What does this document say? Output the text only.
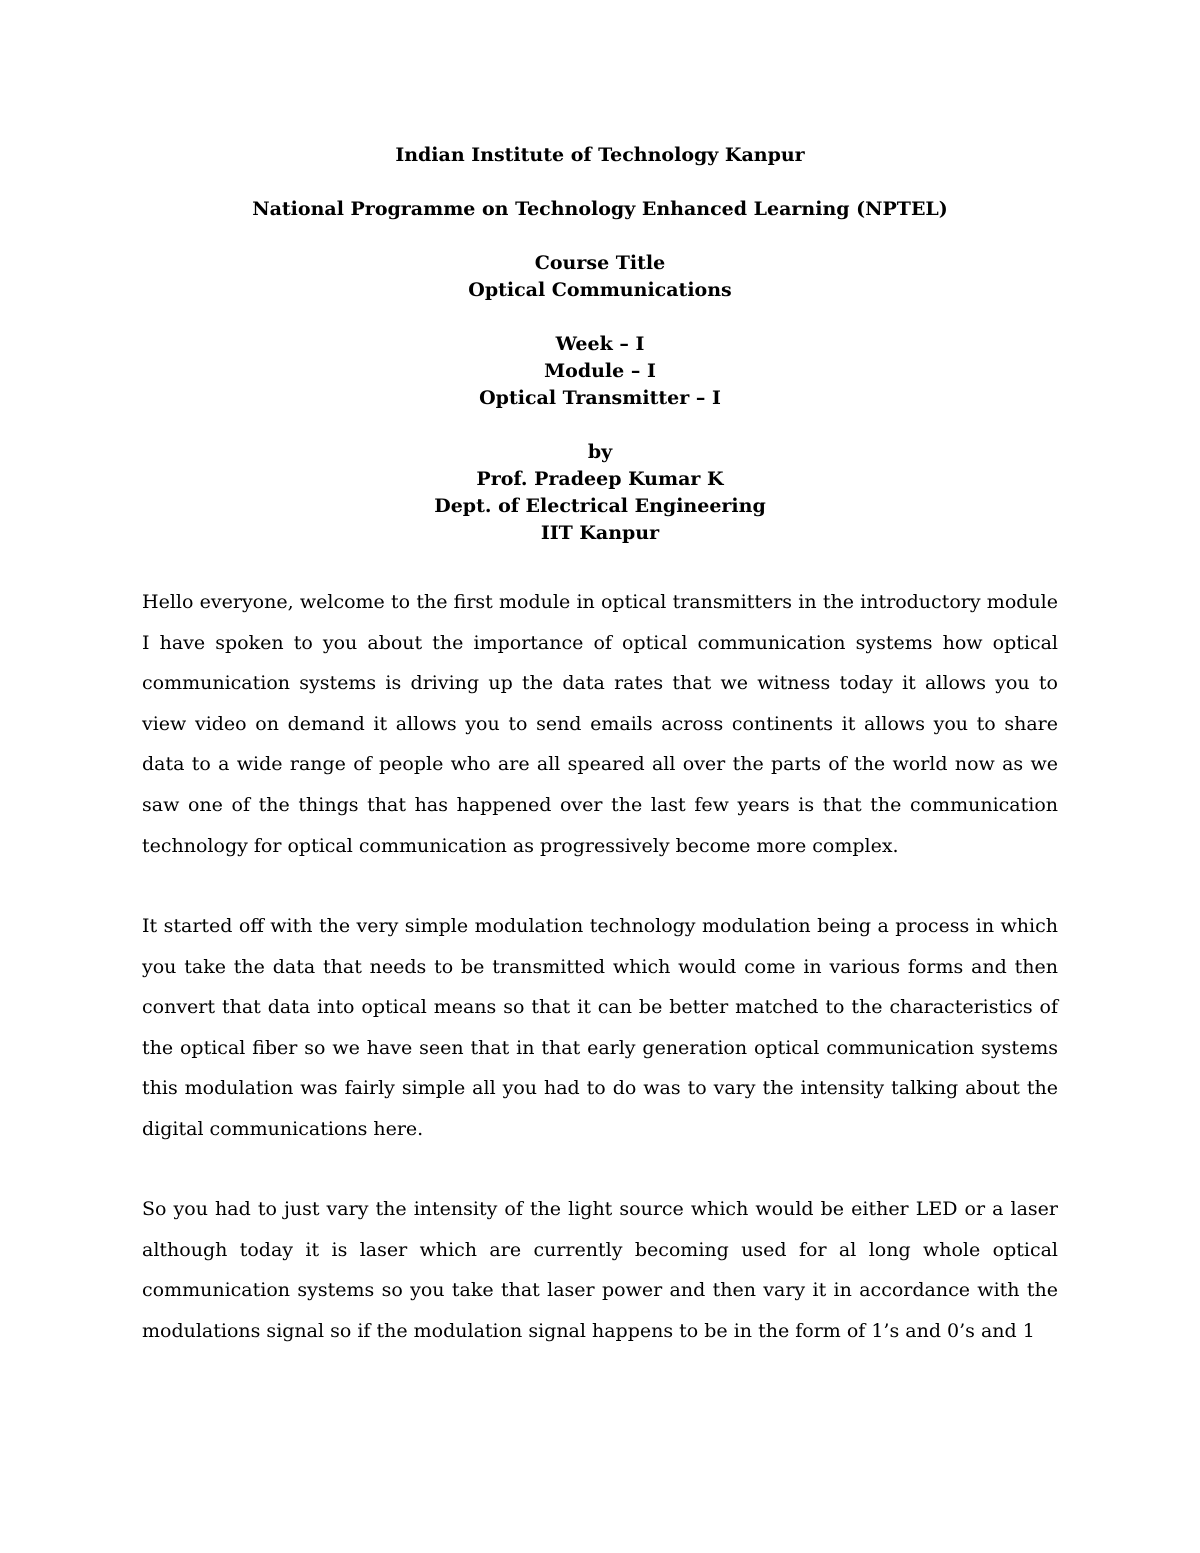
Indian Institute of Technology Kanpur
National Programme on Technology Enhanced Learning (NPTEL)
Course Title
Optical Communications
Week – I
Module – I
Optical Transmitter – I
by
Prof. Pradeep Kumar K
Dept. of Electrical Engineering
IIT Kanpur

Hello everyone, welcome to the first module in optical transmitters in the introductory module I have spoken to you about the importance of optical communication systems how optical communication systems is driving up the data rates that we witness today it allows you to view video on demand it allows you to send emails across continents it allows you to share data to a wide range of people who are all speared all over the parts of the world now as we saw one of the things that has happened over the last few years is that the communication technology for optical communication as progressively become more complex.

It started off with the very simple modulation technology modulation being a process in which you take the data that needs to be transmitted which would come in various forms and then convert that data into optical means so that it can be better matched to the characteristics of the optical fiber so we have seen that in that early generation optical communication systems this modulation was fairly simple all you had to do was to vary the intensity talking about the digital communications here.

So you had to just vary the intensity of the light source which would be either LED or a laser although today it is laser which are currently becoming used for al long whole optical communication systems so you take that laser power and then vary it in accordance with the modulations signal so if the modulation signal happens to be in the form of 1’s and 0’s and 1
